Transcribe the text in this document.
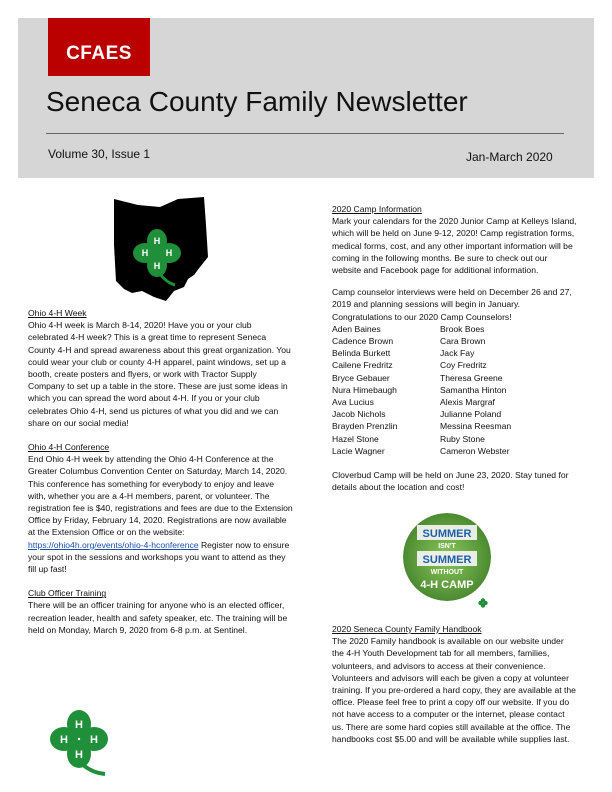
CFAES
Seneca County Family Newsletter
Volume 30, Issue 1	Jan-March 2020
H
H
H
H

Ohio 4-H Week

Ohio 4-H week is March 8-14, 2020! Have you or your club celebrated 4-H week? This is a great time to represent Seneca County 4-H and spread awareness about this great organization. You could wear your club or county 4-H apparel, paint windows, set up a booth, create posters and flyers, or work with Tractor Supply Company to set up a table in the store. These are just some ideas in which you can spread the word about 4-H. If you or your club celebrates Ohio 4-H, send us pictures of what you did and we can share on our social media!

Ohio 4-H Conference

End Ohio 4-H week by attending the Ohio 4-H Conference at the Greater Columbus Convention Center on Saturday, March 14, 2020. This conference has something for everybody to enjoy and leave with, whether you are a 4-H members, parent, or volunteer. The registration fee is $40, registrations and fees are due to the Extension Office by Friday, February 14, 2020. Registrations are now available at the Extension Office or on the website: https://ohio4h.org/events/ohio-4-hconference Register now to ensure your spot in the sessions and workshops you want to attend as they fill up fast!

Club Officer Training

There will be an officer training for anyone who is an elected officer, recreation leader, health and safety speaker, etc. The training will be held on Monday, March 9, 2020 from 6-8 p.m. at Sentinel.

2020 Camp Information

Mark your calendars for the 2020 Junior Camp at Kelleys Island, which will be held on June 9-12, 2020! Camp registration forms, medical forms, cost, and any other important information will be coming in the following months. Be sure to check out our website and Facebook page for additional information.

Camp counselor interviews were held on December 26 and 27, 2019 and planning sessions will begin in January. Congratulations to our 2020 Camp Counselors!

Aden Baines	Brook Boes
Cadence Brown	Cara Brown
Belinda Burkett	Jack Fay
Cailene Fredritz	Coy Fredritz
Bryce Gebauer	Theresa Greene
Nura Himebaugh	Samantha Hinton
Ava Lucius	Alexis Margraf
Jacob Nichols	Julianne Poland
Brayden Prenzlin	Messina Reesman
Hazel Stone	Ruby Stone
Lacie Wagner	Cameron Webster

Cloverbud Camp will be held on June 23, 2020. Stay tuned for details about the location and cost!

SUMMER
ISN'T
SUMMER
WITHOUT
4-H CAMP

2020 Seneca County Family Handbook

The 2020 Family handbook is available on our website under the 4-H Youth Development tab for all members, families, volunteers, and advisors to access at their convenience. Volunteers and advisors will each be given a copy at volunteer training. If you pre-ordered a hard copy, they are available at the office. Please feel free to print a copy off our website. If you do not have access to a computer or the internet, please contact us. There are some hard copies still available at the office. The handbooks cost $5.00 and will be available while supplies last.

H
H
H
H
